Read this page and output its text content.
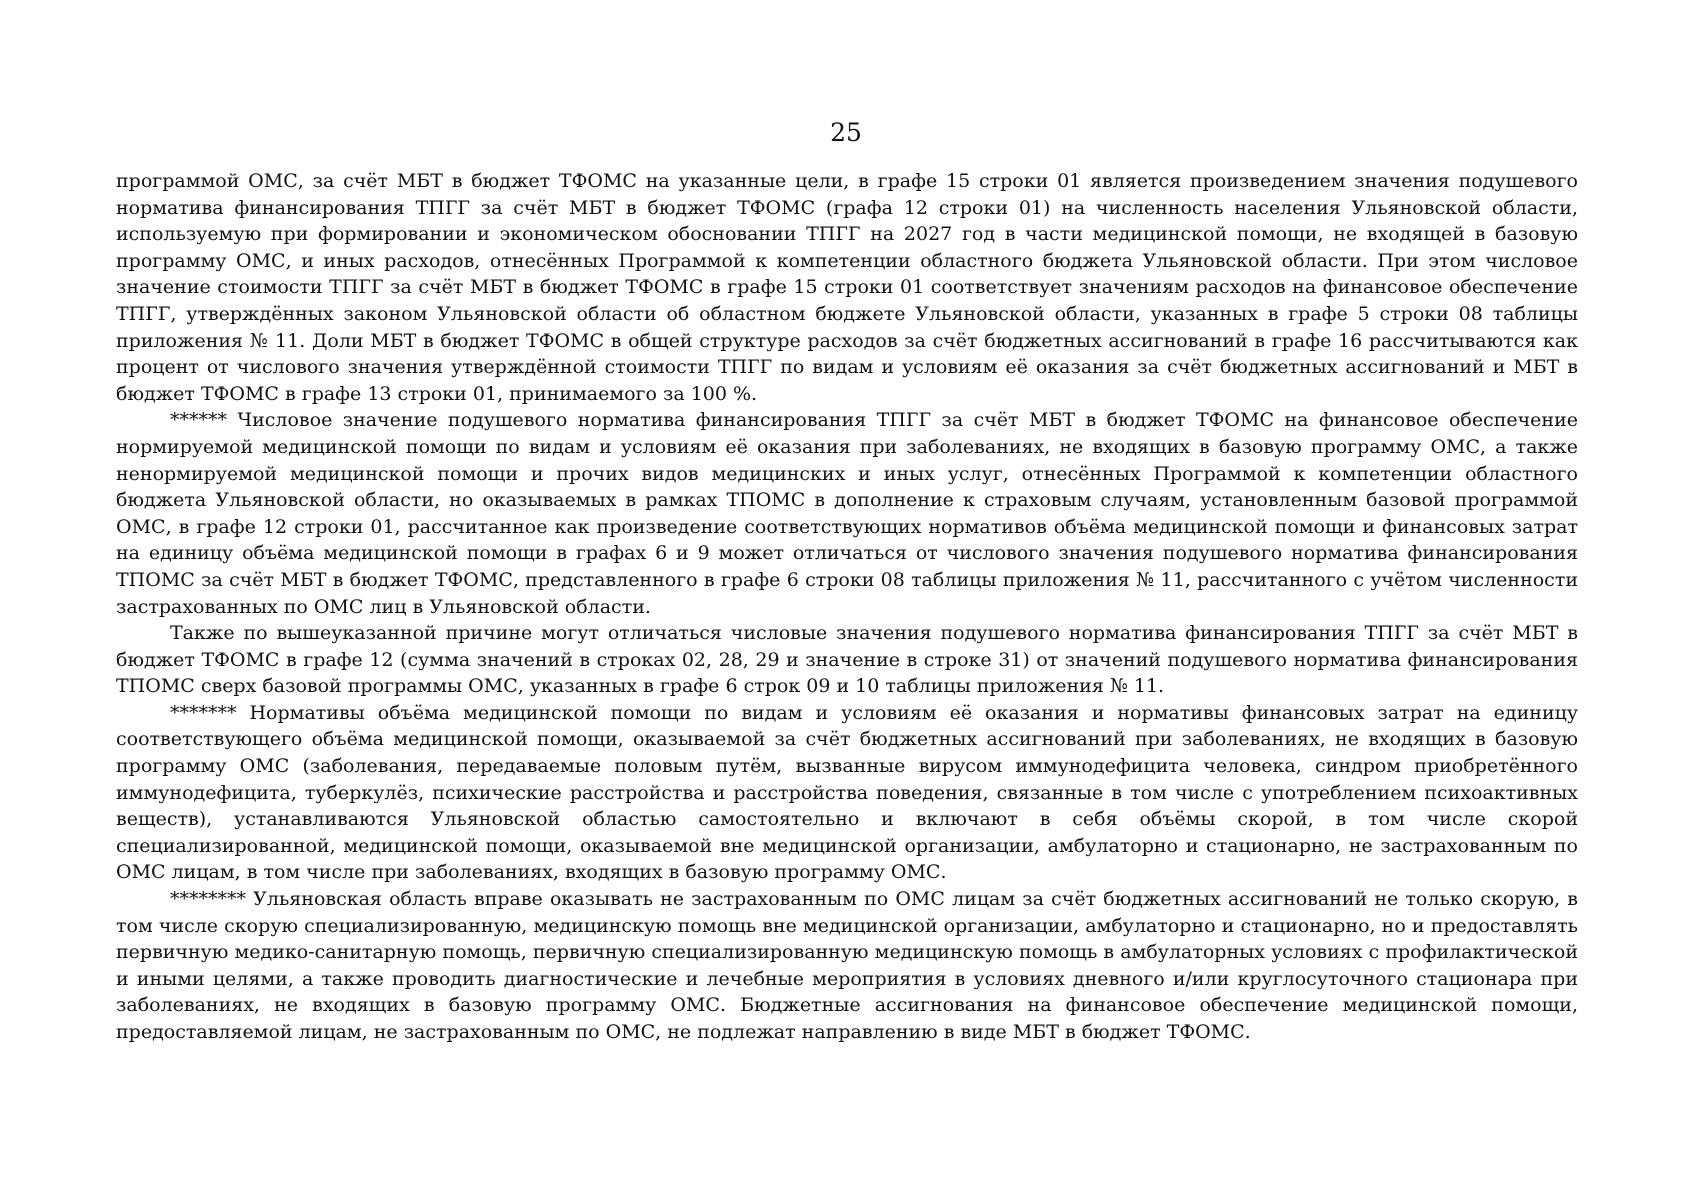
25

программой ОМС, за счёт МБТ в бюджет ТФОМС на указанные цели, в графе 15 строки 01 является произведением значения подушевого норматива финансирования ТПГГ за счёт МБТ в бюджет ТФОМС (графа 12 строки 01) на численность населения Ульяновской области, используемую при формировании и экономическом обосновании ТПГГ на 2027 год в части медицинской помощи, не входящей в базовую программу ОМС, и иных расходов, отнесённых Программой к компетенции областного бюджета Ульяновской области. При этом числовое значение стоимости ТПГГ за счёт МБТ в бюджет ТФОМС в графе 15 строки 01 соответствует значениям расходов на финансовое обеспечение ТПГГ, утверждённых законом Ульяновской области об областном бюджете Ульяновской области, указанных в графе 5 строки 08 таблицы приложения № 11. Доли МБТ в бюджет ТФОМС в общей структуре расходов за счёт бюджетных ассигнований в графе 16 рассчитываются как процент от числового значения утверждённой стоимости ТПГГ по видам и условиям её оказания за счёт бюджетных ассигнований и МБТ в бюджет ТФОМС в графе 13 строки 01, принимаемого за 100 %.

****** Числовое значение подушевого норматива финансирования ТПГГ за счёт МБТ в бюджет ТФОМС на финансовое обеспечение нормируемой медицинской помощи по видам и условиям её оказания при заболеваниях, не входящих в базовую программу ОМС, а также ненормируемой медицинской помощи и прочих видов медицинских и иных услуг, отнесённых Программой к компетенции областного бюджета Ульяновской области, но оказываемых в рамках ТПОМС в дополнение к страховым случаям, установленным базовой программой ОМС, в графе 12 строки 01, рассчитанное как произведение соответствующих нормативов объёма медицинской помощи и финансовых затрат на единицу объёма медицинской помощи в графах 6 и 9 может отличаться от числового значения подушевого норматива финансирования ТПОМС за счёт МБТ в бюджет ТФОМС, представленного в графе 6 строки 08 таблицы приложения № 11, рассчитанного с учётом численности застрахованных по ОМС лиц в Ульяновской области.

Также по вышеуказанной причине могут отличаться числовые значения подушевого норматива финансирования ТПГГ за счёт МБТ в бюджет ТФОМС в графе 12 (сумма значений в строках 02, 28, 29 и значение в строке 31) от значений подушевого норматива финансирования ТПОМС сверх базовой программы ОМС, указанных в графе 6 строк 09 и 10 таблицы приложения № 11.

******* Нормативы объёма медицинской помощи по видам и условиям её оказания и нормативы финансовых затрат на единицу соответствующего объёма медицинской помощи, оказываемой за счёт бюджетных ассигнований при заболеваниях, не входящих в базовую программу ОМС (заболевания, передаваемые половым путём, вызванные вирусом иммунодефицита человека, синдром приобретённого иммунодефицита, туберкулёз, психические расстройства и расстройства поведения, связанные в том числе с употреблением психоактивных веществ), устанавливаются Ульяновской областью самостоятельно и включают в себя объёмы скорой, в том числе скорой специализированной, медицинской помощи, оказываемой вне медицинской организации, амбулаторно и стационарно, не застрахованным по ОМС лицам, в том числе при заболеваниях, входящих в базовую программу ОМС.

******** Ульяновская область вправе оказывать не застрахованным по ОМС лицам за счёт бюджетных ассигнований не только скорую, в том числе скорую специализированную, медицинскую помощь вне медицинской организации, амбулаторно и стационарно, но и предоставлять первичную медико-санитарную помощь, первичную специализированную медицинскую помощь в амбулаторных условиях с профилактической и иными целями, а также проводить диагностические и лечебные мероприятия в условиях дневного и/или круглосуточного стационара при заболеваниях, не входящих в базовую программу ОМС. Бюджетные ассигнования на финансовое обеспечение медицинской помощи, предоставляемой лицам, не застрахованным по ОМС, не подлежат направлению в виде МБТ в бюджет ТФОМС.
